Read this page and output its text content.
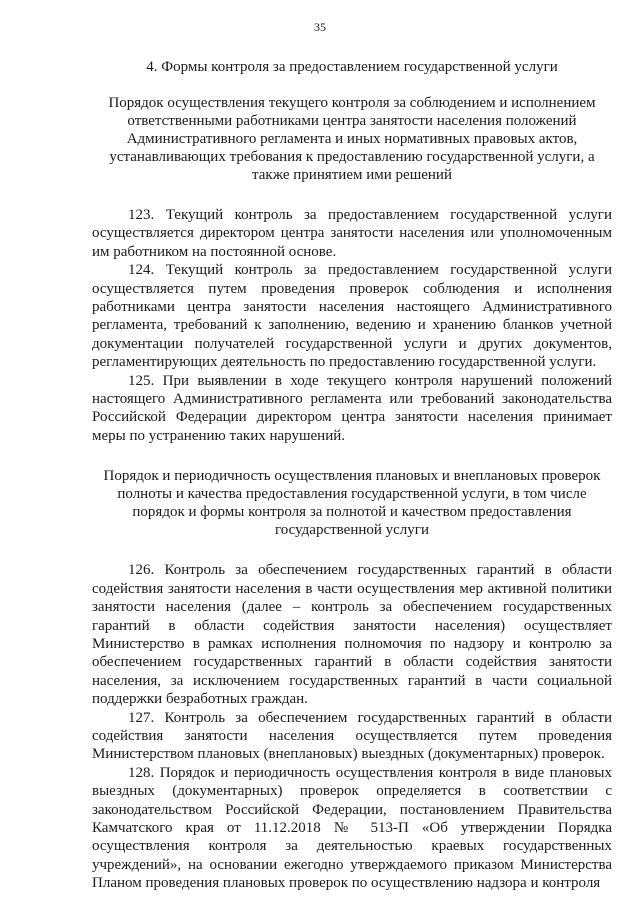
35

4. Формы контроля за предоставлением государственной услуги

Порядок осуществления текущего контроля за соблюдением и исполнением ответственными работниками центра занятости населения положений Административного регламента и иных нормативных правовых актов, устанавливающих требования к предоставлению государственной услуги, а также принятием ими решений

123. Текущий контроль за предоставлением государственной услуги осуществляется директором центра занятости населения или уполномоченным им работником на постоянной основе.

124. Текущий контроль за предоставлением государственной услуги осуществляется путем проведения проверок соблюдения и исполнения работниками центра занятости населения настоящего Административного регламента, требований к заполнению, ведению и хранению бланков учетной документации получателей государственной услуги и других документов, регламентирующих деятельность по предоставлению государственной услуги.

125. При выявлении в ходе текущего контроля нарушений положений настоящего Административного регламента или требований законодательства Российской Федерации директором центра занятости населения принимает меры по устранению таких нарушений.

Порядок и периодичность осуществления плановых и внеплановых проверок полноты и качества предоставления государственной услуги, в том числе порядок и формы контроля за полнотой и качеством предоставления государственной услуги

126. Контроль за обеспечением государственных гарантий в области содействия занятости населения в части осуществления мер активной политики занятости населения (далее – контроль за обеспечением государственных гарантий в области содействия занятости населения) осуществляет Министерство в рамках исполнения полномочия по надзору и контролю за обеспечением государственных гарантий в области содействия занятости населения, за исключением государственных гарантий в части социальной поддержки безработных граждан.

127. Контроль за обеспечением государственных гарантий в области содействия занятости населения осуществляется путем проведения Министерством плановых (внеплановых) выездных (документарных) проверок.

128. Порядок и периодичность осуществления контроля в виде плановых выездных (документарных) проверок определяется в соответствии с законодательством Российской Федерации, постановлением Правительства Камчатского края от 11.12.2018 № 513-П «Об утверждении Порядка осуществления контроля за деятельностью краевых государственных учреждений», на основании ежегодно утверждаемого приказом Министерства Планом проведения плановых проверок по осуществлению надзора и контроля
